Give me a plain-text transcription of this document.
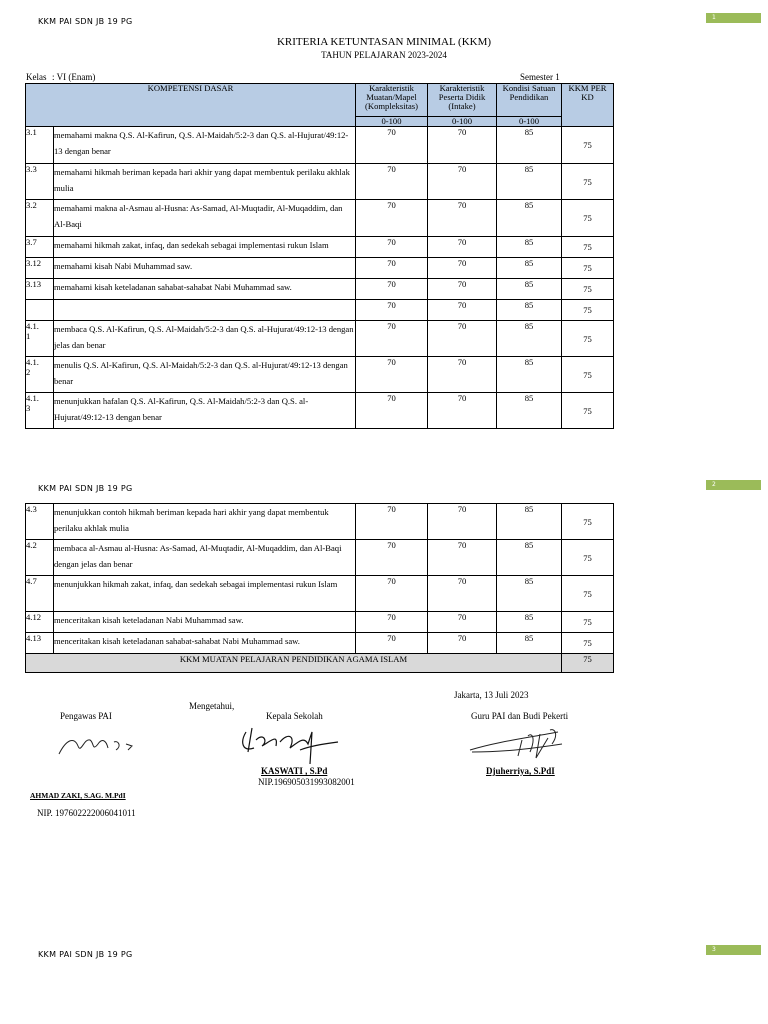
KKM PAI SDN JB 19 PG	1
KRITERIA KETUNTASAN MINIMAL (KKM)
TAHUN PELAJARAN 2023-2024
Kelas : VI (Enam)	Semester 1
KOMPETENSI DASAR		Karakteristik Muatan/Mapel (Kompleksitas)	Karakteristik Peserta Didik (Intake)	Kondisi Satuan Pendidikan	KKM PER KD
		0-100	0-100	0-100	
3.1	memahami makna Q.S. Al-Kafirun, Q.S. Al-Maidah/5:2-3 dan Q.S. al-Hujurat/49:12-13 dengan benar	70	70	85	75
3.3	memahami hikmah beriman kepada hari akhir yang dapat membentuk perilaku akhlak mulia	70	70	85	75
3.2	memahami makna al-Asmau al-Husna: As-Samad, Al-Muqtadir, Al-Muqaddim, dan Al-Baqi	70	70	85	75
3.7	memahami hikmah zakat, infaq, dan sedekah sebagai implementasi rukun Islam	70	70	85	75
3.12	memahami kisah Nabi Muhammad saw.	70	70	85	75
3.13	memahami kisah keteladanan sahabat-sahabat Nabi Muhammad saw.	70	70	85	75
		70	70	85	75
4.1.
1	membaca Q.S. Al-Kafirun, Q.S. Al-Maidah/5:2-3 dan Q.S. al-Hujurat/49:12-13 dengan jelas dan benar	70	70	85	75
4.1.
2	menulis Q.S. Al-Kafirun, Q.S. Al-Maidah/5:2-3 dan Q.S. al-Hujurat/49:12-13 dengan benar	70	70	85	75
4.1.
3	menunjukkan hafalan Q.S. Al-Kafirun, Q.S. Al-Maidah/5:2-3 dan Q.S. al-Hujurat/49:12-13 dengan benar	70	70	85	75
KKM PAI SDN JB 19 PG	2
4.3	menunjukkan contoh hikmah beriman kepada hari akhir yang dapat membentuk perilaku akhlak mulia	70	70	85	75
4.2	membaca al-Asmau al-Husna: As-Samad, Al-Muqtadir, Al-Muqaddim, dan Al-Baqi dengan jelas dan benar	70	70	85	75
4.7	menunjukkan hikmah zakat, infaq, dan sedekah sebagai implementasi rukun Islam	70	70	85	75
4.12	menceritakan kisah keteladanan Nabi Muhammad saw.	70	70	85	75
4.13	menceritakan kisah keteladanan sahabat-sahabat Nabi Muhammad saw.	70	70	85	75
KKM MUATAN PELAJARAN PENDIDIKAN AGAMA ISLAM					75
Jakarta, 13 Juli 2023
Mengetahui,
Pengawas PAI	Kepala Sekolah	Guru PAI dan Budi Pekerti
KASWATI , S.Pd
NIP.196905031993082001
Djuherriya, S.PdI
AHMAD ZAKI, S.AG. M.PdI
NIP. 197602222006041011
KKM PAI SDN JB 19 PG
3
